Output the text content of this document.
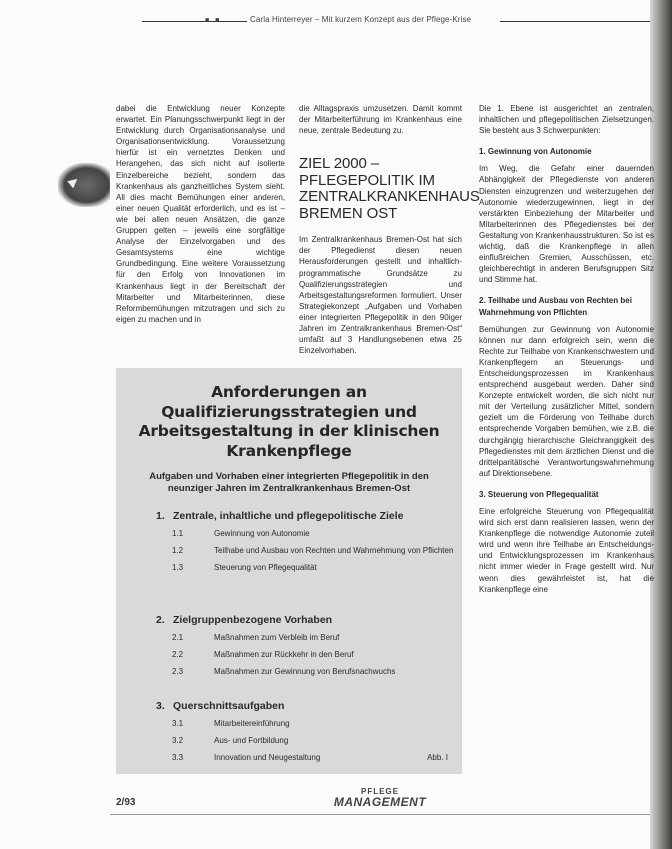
■ ■	Carla Hinterreyer – Mit kurzem Konzept aus der Pflege-Krise
▶

dabei die Entwicklung neuer Konzepte erwartet. Ein Planungsschwerpunkt liegt in der Entwicklung durch Organisationsanalyse und Organisationsentwicklung. Voraussetzung hierfür ist ein vernetztes Denken und Herangehen, das sich nicht auf isolierte Einzelbereiche bezieht, sondern das Krankenhaus als ganzheitliches System sieht. All dies macht Bemühungen einer anderen, einer neuen Qualität erforderlich, und es ist – wie bei allen neuen Ansätzen, die ganze Gruppen gelten – jeweils eine sorgfältige Analyse der Einzelvorgaben und des Gesamtsystems eine wichtige Grundbedingung. Eine weitere Voraussetzung für den Erfolg von Innovationen im Krankenhaus liegt in der Bereitschaft der Mitarbeiter und Mitarbeiterinnen, diese Reformbemühungen mitzutragen und sich zu eigen zu machen und in

die Alltagspraxis umzusetzen. Damit kommt der Mitarbeiterführung im Krankenhaus eine neue, zentrale Bedeutung zu.

ZIEL 2000 – PFLEGEPOLITIK IM ZENTRALKRANKENHAUS BREMEN OST

Im Zentralkrankenhaus Bremen-Ost hat sich der Pflegedienst diesen neuen Herausforderungen gestellt und inhaltlich-programmatische Grundsätze zu Qualifizierungsstrategien und Arbeitsgestaltungsreformen formuliert. Unser Strategiekonzept „Aufgaben und Vorhaben einer integrierten Pflegepolitik in den 90iger Jahren im Zentralkrankenhaus Bremen-Ost“ umfaßt auf 3 Handlungsebenen etwa 25 Einzelvorhaben.

Die 1. Ebene ist ausgerichtet an zentralen, inhaltlichen und pflegepolitischen Zielsetzungen. Sie besteht aus 3 Schwerpunkten:

1. Gewinnung von Autonomie

Im Weg, die Gefahr einer dauernden Abhängigkeit der Pflegedienste von anderen Diensten einzugrenzen und weiterzugehen der Autonomie wiederzugewinnen, liegt in der verstärkten Einbeziehung der Mitarbeiter und Mitarbeiterinnen des Pflegedienstes bei der Gestaltung von Krankenhausstrukturen. So ist es wichtig, daß die Krankenpflege in allen einflußreichen Gremien, Ausschüssen, etc. gleichberechtigt in anderen Berufsgruppen Sitz und Stimme hat.

2. Teilhabe und Ausbau von Rechten bei Wahrnehmung von Pflichten

Bemühungen zur Gewinnung von Autonomie können nur dann erfolgreich sein, wenn die Rechte zur Teilhabe von Krankenschwestern und Krankenpflegern an Steuerungs- und Entscheidungsprozessen im Krankenhaus entsprechend ausgebaut werden. Daher sind Konzepte entwickelt worden, die sich nicht nur mit der Verteilung zusätzlicher Mittel, sondern gezielt um die Förderung von Teilhabe durch entsprechende Vorgaben bemühen, wie z.B. die durchgängig hierarchische Gleichrangigkeit des Pflegedienstes mit dem ärztlichen Dienst und die drittelparitätische Verantwortungswahrnehmung auf Direktionsebene.

3. Steuerung von Pflegequalität

Eine erfolgreiche Steuerung von Pflegequalität wird sich erst dann realisieren lassen, wenn der Krankenpflege die notwendige Autonomie zuteil wird und wenn ihre Teilhabe an Entscheidungs- und Entwicklungsprozessen im Krankenhaus nicht immer wieder in Frage gestellt wird. Nur wenn dies gewährleistet ist, hat die Krankenpflege eine

Anforderungen an Qualifizierungsstrategien und Arbeitsgestaltung in der klinischen Krankenpflege
Aufgaben und Vorhaben einer integrierten Pflegepolitik in den neunziger Jahren im Zentralkrankenhaus Bremen-Ost
1. Zentrale, inhaltliche und pflegepolitische Ziele
1.1	Gewinnung von Autonomie
1.2	Teilhabe und Ausbau von Rechten und Wahrnehmung von Pflichten
1.3	Steuerung von Pflegequalität
2. Zielgruppenbezogene Vorhaben
2.1	Maßnahmen zum Verbleib im Beruf
2.2	Maßnahmen zur Rückkehr in den Beruf
2.3	Maßnahmen zur Gewinnung von Berufsnachwuchs
3. Querschnittsaufgaben
3.1	Mitarbeitereinführung
3.2	Aus- und Fortbildung
3.3	Innovation und Neugestaltung	Abb. I
2/93
PFLEGE
MANAGEMENT
